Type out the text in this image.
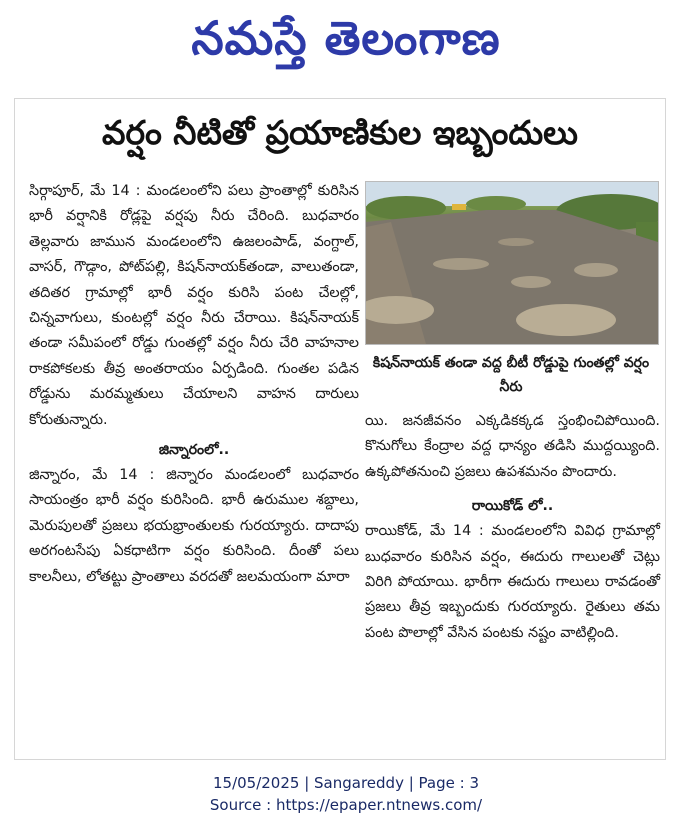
నమస్తే తెలంగాణ
వర్షం నీటితో ప్రయాణికుల ఇబ్బందులు

సిర్గాపూర్, మే 14 : మండలంలోని పలు ప్రాంతాల్లో కురిసిన భారీ వర్షానికి రోడ్లపై వర్షపు నీరు చేరింది. బుధవారం తెల్లవారు జామున మండలంలోని ఉజలంపాడ్, వంగ్దాల్, వాసర్, గౌడ్గాం, పోట్‌పల్లి, కిషన్‌నాయక్‌తండా, వాలుతండా, తదితర గ్రామాల్లో భారీ వర్షం కురిసి పంట చేలల్లో, చిన్నవాగులు, కుంటల్లో వర్షం నీరు చేరాయి. కిషన్‌నాయక్ తండా సమీపంలో రోడ్డు గుంతల్లో వర్షం నీరు చేరి వాహనాల రాకపోకలకు తీవ్ర అంతరాయం ఏర్పడింది. గుంతల పడిన రోడ్డును మరమ్మతులు చేయాలని వాహన దారులు కోరుతున్నారు.

జిన్నారంలో..

జిన్నారం, మే 14 : జిన్నారం మండలంలో బుధవారం సాయంత్రం భారీ వర్షం కురిసింది. భారీ ఉరుముల శబ్దాలు, మెరుపులతో ప్రజలు భయభ్రాంతులకు గురయ్యారు. దాదాపు అరగంటసేపు ఏకధాటిగా వర్షం కురిసింది. దీంతో పలు కాలనీలు, లోతట్టు ప్రాంతాలు వరదతో జలమయంగా మారా

కిషన్‌నాయక్ తండా వద్ద బీటీ రోడ్డుపై గుంతల్లో వర్షం నీరు

యి. జనజీవనం ఎక్కడికక్కడ స్తంభించిపోయింది. కొనుగోలు కేంద్రాల వద్ద ధాన్యం తడిసి ముద్దయ్యింది. ఉక్కపోతనుంచి ప్రజలు ఉపశమనం పొందారు.

రాయికోడ్ లో..

రాయికోడ్, మే 14 : మండలంలోని వివిధ గ్రామాల్లో బుధవారం కురిసిన వర్షం, ఈదురు గాలులతో చెట్లు విరిగి పోయాయి. భారీగా ఈదురు గాలులు రావడంతో ప్రజలు తీవ్ర ఇబ్బందుకు గురయ్యారు. రైతులు తమ పంట పొలాల్లో వేసిన పంటకు నష్టం వాటిల్లింది.

15/05/2025 | Sangareddy | Page : 3
Source : https://epaper.ntnews.com/
